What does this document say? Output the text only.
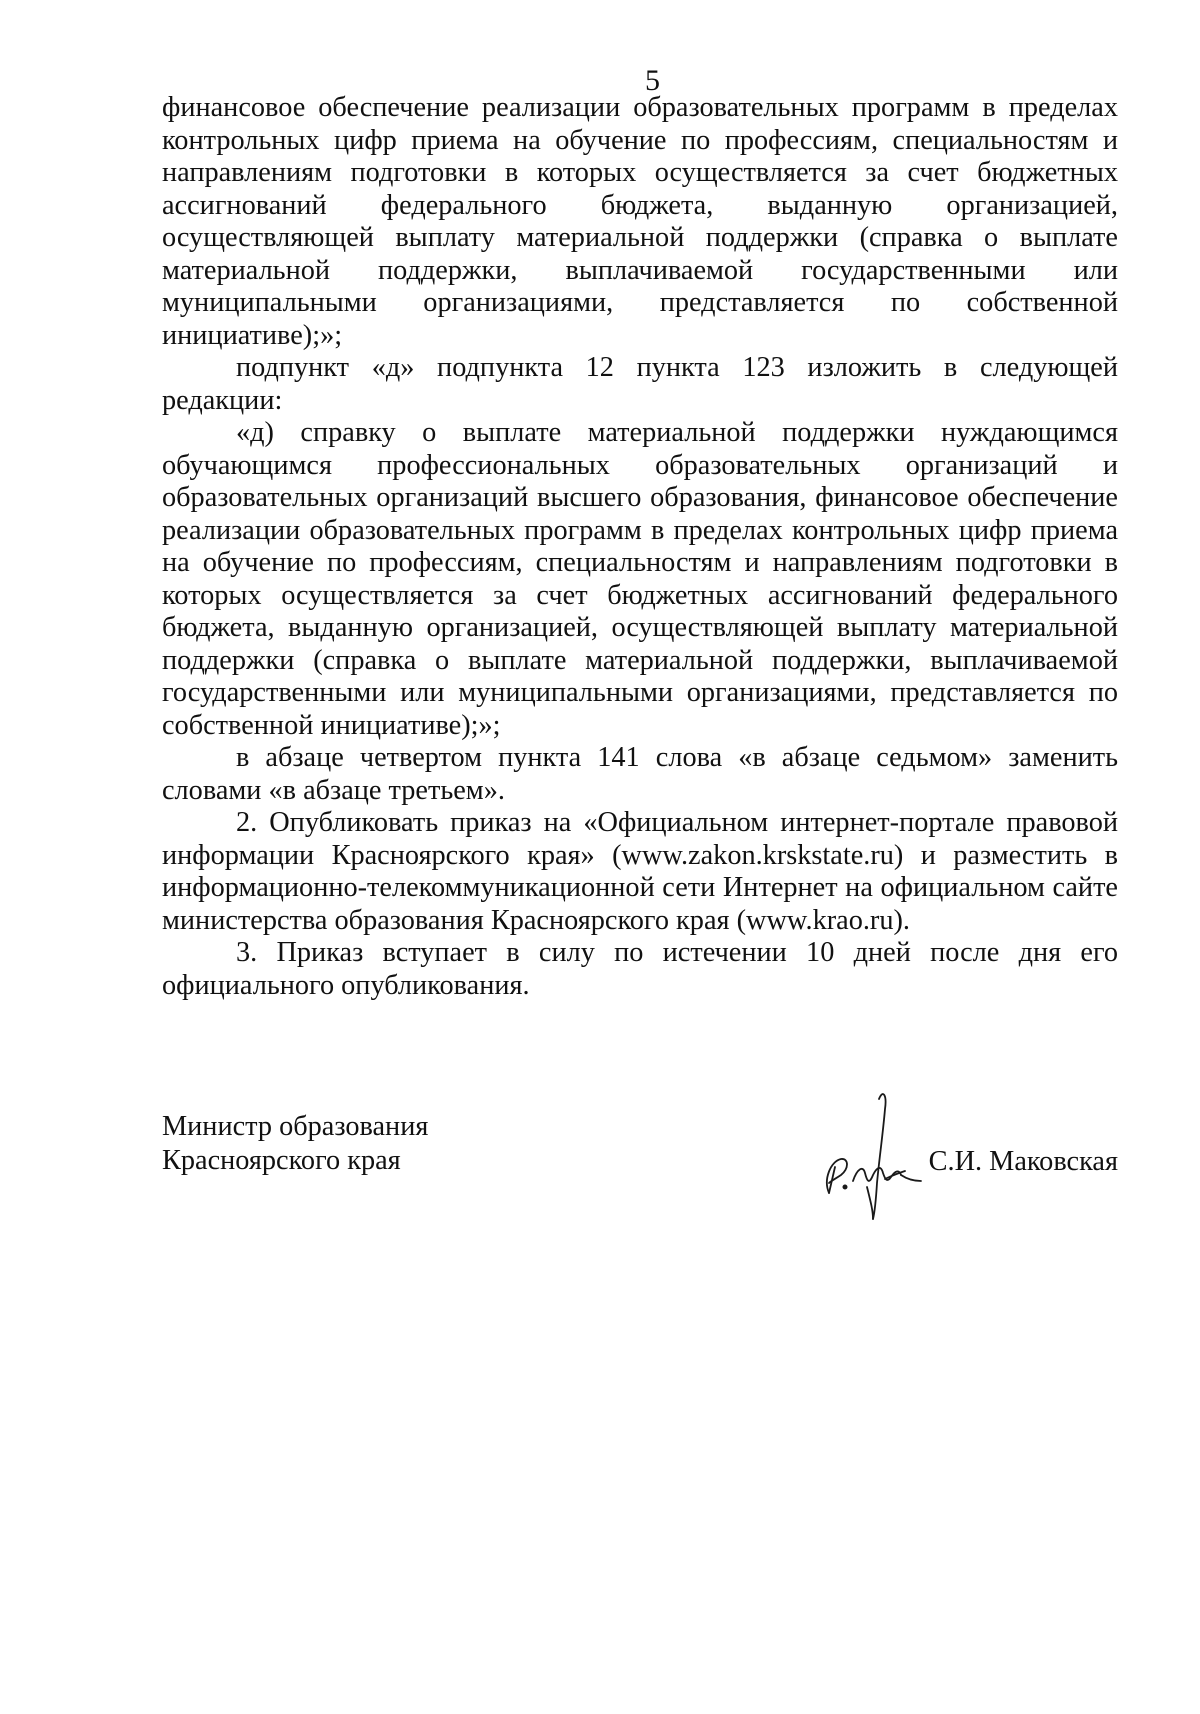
5

финансовое обеспечение реализации образовательных программ в пределах контрольных цифр приема на обучение по профессиям, специальностям и направлениям подготовки в которых осуществляется за счет бюджетных ассигнований федерального бюджета, выданную организацией, осуществляющей выплату материальной поддержки (справка о выплате материальной поддержки, выплачиваемой государственными или муниципальными организациями, представляется по собственной инициативе);»;

подпункт «д» подпункта 12 пункта 123 изложить в следующей редакции:

«д) справку о выплате материальной поддержки нуждающимся обучающимся профессиональных образовательных организаций и образовательных организаций высшего образования, финансовое обеспечение реализации образовательных программ в пределах контрольных цифр приема на обучение по профессиям, специальностям и направлениям подготовки в которых осуществляется за счет бюджетных ассигнований федерального бюджета, выданную организацией, осуществляющей выплату материальной поддержки (справка о выплате материальной поддержки, выплачиваемой государственными или муниципальными организациями, представляется по собственной инициативе);»;

в абзаце четвертом пункта 141 слова «в абзаце седьмом» заменить словами «в абзаце третьем».

2. Опубликовать приказ на «Официальном интернет-портале правовой информации Красноярского края» (www.zakon.krskstate.ru) и разместить в информационно-телекоммуникационной сети Интернет на официальном сайте министерства образования Красноярского края (www.krao.ru).

3. Приказ вступает в силу по истечении 10 дней после дня его официального опубликования.

Министр образования
Красноярского края	С.И. Маковская
